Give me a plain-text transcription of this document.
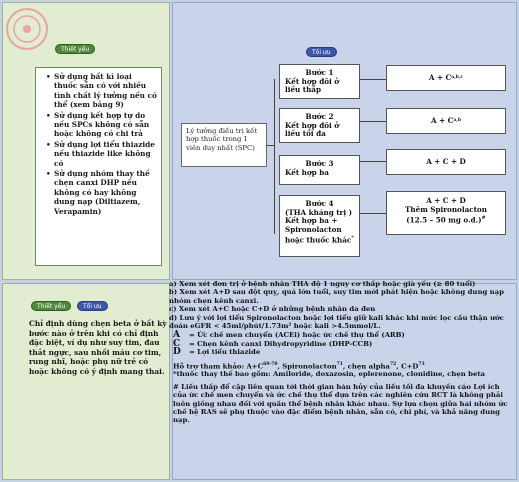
Thiết yếu
• Sử dụng bất kì loại thuốc sẵn có với nhiều tình chất lý tưởng nếu có thể (xem bảng 9)
• Sử dụng kết hợp tự do nếu SPCs không có sẵn hoặc không có chi trả
• Sử dụng lợi tiểu thiazide nếu thiazide like không có
• Sử dụng nhóm thay thế chẹn canxi DHP nếu không có hay không dung nạp (Diltiazem, Verapamin)
Tối ưu
Lý tưởng điều trị kết hợp thuốc trong 1 viên duy nhất (SPC)
Bước 1
Kết hợp đôi ở liều thấp
A + C a,b,c
Bước 2
Kết hợp đôi ở liều tối đa
A + C a,b
Bước 3
Kết hợp ba
A + C + D
Bước 4
(THA kháng trị ) Kết hợp ba + Spironolacton hoặc thuốc khác*
A + C + D
Thêm Spironolacton
(12.5 – 50 mg o.d.)#
Thiết yếu	Tối ưu
Chỉ định dùng chẹn beta ở bất kỳ bước nào ở trên khi có chỉ định đặc biệt, ví dụ như suy tim, đau thắt ngực, sau nhồi máu cơ tim, rung nhĩ, hoặc phụ nữ trẻ có hoặc không có ý định mang thai.
a) Xem xét đơn trị ở bệnh nhân THA độ 1 nguy cơ thấp hoặc già yếu (≥ 80 tuổi)
b) Xem xét A+D sau đột quỵ, quá lớn tuổi, suy tim mới phát hiện hoặc không dung nạp nhóm chẹn kênh canxi.
c) Xem xét A+C hoặc C+D ở những bệnh nhân da đen
d) Lưu ý với lợi tiểu Spironolacton hoặc lợi tiểu giữ kali khác khi mức lọc cầu thận ước đoán eGFR < 45ml/phút/1.73m² hoặc kali >4.5mmol/L.
A	= Ức chế men chuyển (ACEi) hoặc ức chế thụ thể (ARB)
C	= Chẹn kênh canxi Dihydropyridine (DHP-CCB)
D	= Lợi tiểu thiazide
Hỗ trợ tham khảo: $A+C^{69-70}$, Spironolacton$^{71}$, chẹn alpha$^{72}$, $C+D^{73}$
*thuốc thay thế bao gồm: Amiloride, doxazosin, eplerenone, clonidine, chẹn beta
# Liều thấp để cập liên quan tới thời gian bán hủy của liều tối đa khuyến cáo Lợi ích của ức chế men chuyển và ức chế thụ thể dựa trên các nghiên cứu RCT là không phải luôn giống nhau đối với quần thể bệnh nhân khác nhau. Sự lựa chọn giữa hai nhóm ức chế hệ RAS sẽ phụ thuộc vào đặc điểm bệnh nhân, sẵn có, chi phí, và khả năng dung nạp.
